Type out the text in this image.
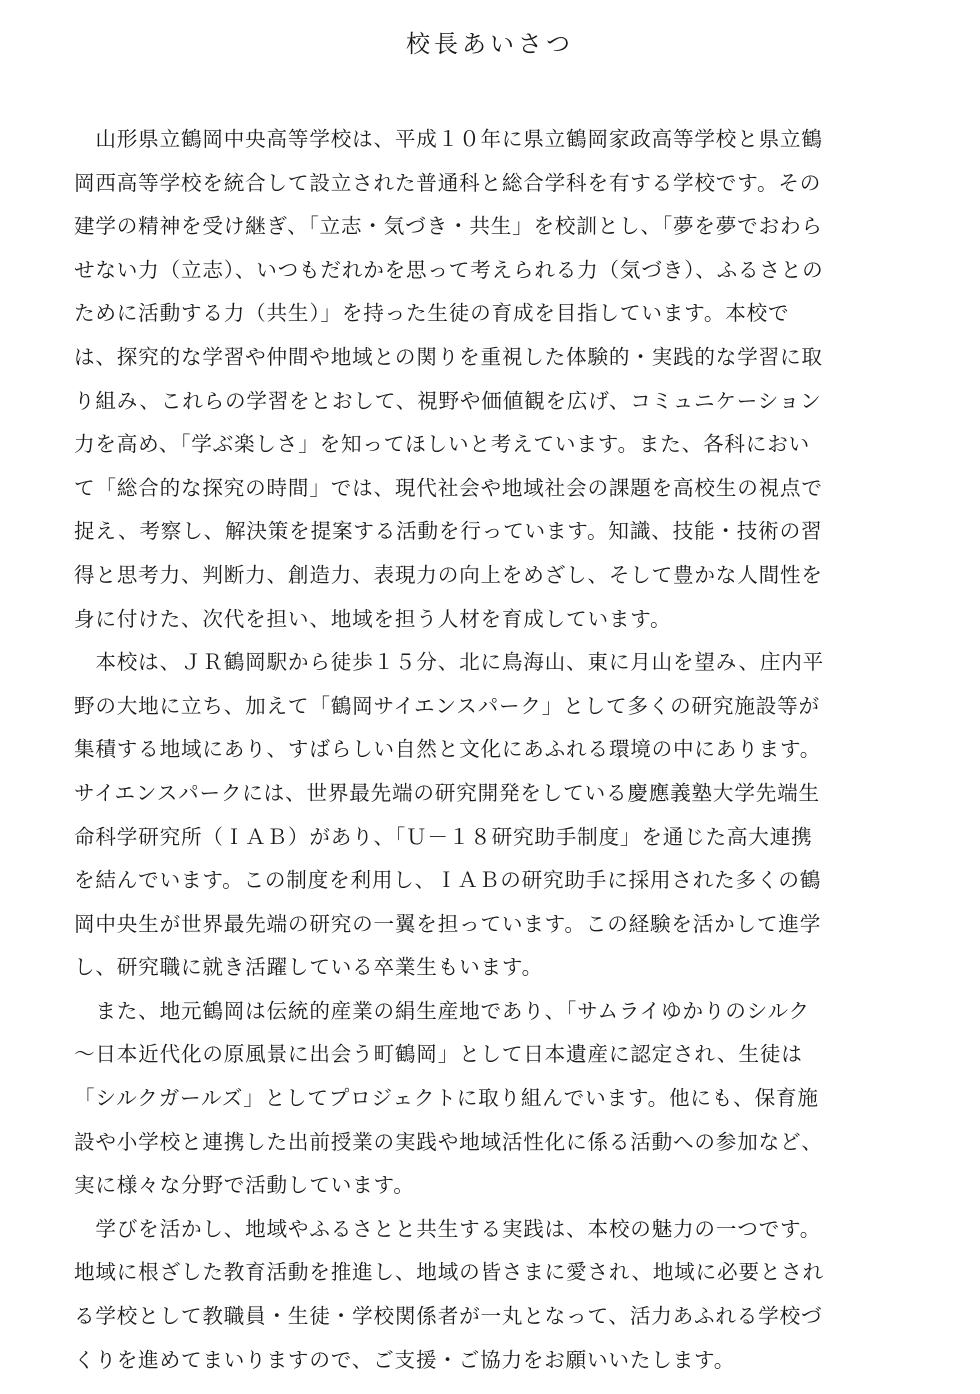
校長あいさつ
　山形県立鶴岡中央高等学校は、平成１０年に県立鶴岡家政高等学校と県立鶴
岡西高等学校を統合して設立された普通科と総合学科を有する学校です。その
建学の精神を受け継ぎ、「立志・気づき・共生」を校訓とし、「夢を夢でおわら
せない力（立志）、いつもだれかを思って考えられる力（気づき）、ふるさとの
ために活動する力（共生）」を持った生徒の育成を目指しています。本校で
は、探究的な学習や仲間や地域との関りを重視した体験的・実践的な学習に取
り組み、これらの学習をとおして、視野や価値観を広げ、コミュニケーション
力を高め、「学ぶ楽しさ」を知ってほしいと考えています。また、各科におい
て「総合的な探究の時間」では、現代社会や地域社会の課題を高校生の視点で
捉え、考察し、解決策を提案する活動を行っています。知識、技能・技術の習
得と思考力、判断力、創造力、表現力の向上をめざし、そして豊かな人間性を
身に付けた、次代を担い、地域を担う人材を育成しています。
　本校は、ＪＲ鶴岡駅から徒歩１５分、北に鳥海山、東に月山を望み、庄内平
野の大地に立ち、加えて「鶴岡サイエンスパーク」として多くの研究施設等が
集積する地域にあり、すばらしい自然と文化にあふれる環境の中にあります。
サイエンスパークには、世界最先端の研究開発をしている慶應義塾大学先端生
命科学研究所（ＩＡＢ）があり、「Ｕ－１８研究助手制度」を通じた高大連携
を結んでいます。この制度を利用し、ＩＡＢの研究助手に採用された多くの鶴
岡中央生が世界最先端の研究の一翼を担っています。この経験を活かして進学
し、研究職に就き活躍している卒業生もいます。
　また、地元鶴岡は伝統的産業の絹生産地であり、「サムライゆかりのシルク
～日本近代化の原風景に出会う町鶴岡」として日本遺産に認定され、生徒は
「シルクガールズ」としてプロジェクトに取り組んでいます。他にも、保育施
設や小学校と連携した出前授業の実践や地域活性化に係る活動への参加など、
実に様々な分野で活動しています。
　学びを活かし、地域やふるさとと共生する実践は、本校の魅力の一つです。
地域に根ざした教育活動を推進し、地域の皆さまに愛され、地域に必要とされ
る学校として教職員・生徒・学校関係者が一丸となって、活力あふれる学校づ
くりを進めてまいりますので、ご支援・ご協力をお願いいたします。
